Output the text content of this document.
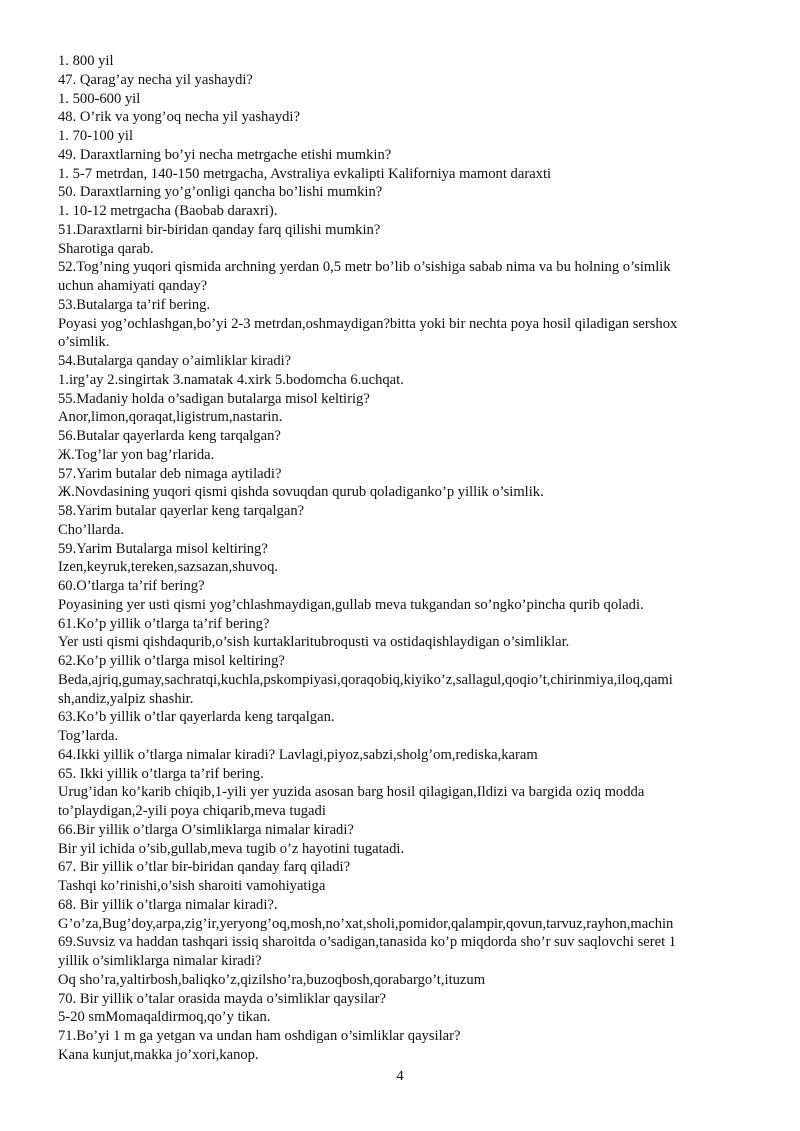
1. 800 yil
47. Qarag’ay necha yil yashaydi?
1. 500-600 yil
48. O’rik va yong’oq necha yil yashaydi?
1. 70-100 yil
49. Daraxtlarning bo’yi necha metrgache etishi mumkin?
1. 5-7 metrdan, 140-150 metrgacha, Avstraliya evkalipti Kaliforniya mamont daraxti
50. Daraxtlarning yo’g’onligi qancha bo’lishi mumkin?
1. 10-12 metrgacha (Baobab daraxri).
51.Daraxtlarni bir-biridan qanday farq qilishi mumkin?
Sharotiga qarab.
52.Tog’ning yuqori qismida archning yerdan 0,5 metr bo’lib o’sishiga sabab nima va bu holning o’simlik
uchun ahamiyati qanday?
53.Butalarga ta’rif bering.
Poyasi yog’ochlashgan,bo’yi 2-3 metrdan,oshmaydigan?bitta yoki bir nechta poya hosil qiladigan sershox
o’simlik.
54.Butalarga qanday o’aimliklar kiradi?
1.irg’ay 2.singirtak 3.namatak 4.xirk 5.bodomcha 6.uchqat.
55.Madaniy holda o’sadigan butalarga misol keltirig?
Anor,limon,qoraqat,ligistrum,nastarin.
56.Butalar qayerlarda keng tarqalgan?
Ж.Tog’lar yon bag’rlarida.
57.Yarim butalar deb nimaga aytiladi?
Ж.Novdasining yuqori qismi qishda sovuqdan qurub qoladiganko’p yillik o’simlik.
58.Yarim butalar qayerlar keng tarqalgan?
Cho’llarda.
59.Yarim Butalarga misol keltiring?
Izen,keyruk,tereken,sazsazan,shuvoq.
60.O’tlarga ta’rif bering?
Poyasining yer usti qismi yog’chlashmaydigan,gullab meva tukgandan so’ngko’pincha qurib qoladi.
61.Ko’p yillik o’tlarga ta’rif bering?
Yer usti qismi qishdaqurib,o’sish kurtaklaritubroqusti va ostidaqishlaydigan o’simliklar.
62.Ko’p yillik o’tlarga misol keltiring?
Beda,ajriq,gumay,sachratqi,kuchla,pskompiyasi,qoraqobiq,kiyiko’z,sallagul,qoqio’t,chirinmiya,iloq,qami
sh,andiz,yalpiz shashir.
63.Ko’b yillik o’tlar qayerlarda keng tarqalgan.
Tog’larda.
64.Ikki yillik o’tlarga nimalar kiradi? Lavlagi,piyoz,sabzi,sholg’om,rediska,karam
65. Ikki yillik o’tlarga ta’rif bering.
Urug’idan ko’karib chiqib,1-yili yer yuzida asosan barg hosil qilagigan,Ildizi va bargida oziq modda
to’playdigan,2-yili poya chiqarib,meva tugadi
66.Bir yillik o’tlarga O’simliklarga nimalar kiradi?
Bir yil ichida o’sib,gullab,meva tugib o’z hayotini tugatadi.
67. Bir yillik o’tlar bir-biridan qanday farq qiladi?
Tashqi ko’rinishi,o’sish sharoiti vamohiyatiga
68. Bir yillik o’tlarga nimalar kiradi?.
G’o’za,Bug’doy,arpa,zig’ir,yeryong’oq,mosh,no’xat,sholi,pomidor,qalampir,qovun,tarvuz,rayhon,machin
69.Suvsiz va haddan tashqari issiq sharoitda o’sadigan,tanasida ko’p miqdorda sho’r suv saqlovchi seret 1
yillik o’simliklarga nimalar kiradi?
Oq sho’ra,yaltirbosh,baliqko’z,qizilsho’ra,buzoqbosh,qorabargo’t,ituzum
70. Bir yillik o’talar orasida mayda o’simliklar qaysilar?
5-20 smMomaqaldirmoq,qo’y tikan.
71.Bo’yi 1 m ga yetgan va undan ham oshdigan o’simliklar qaysilar?
Kana kunjut,makka jo’xori,kanop.
4
